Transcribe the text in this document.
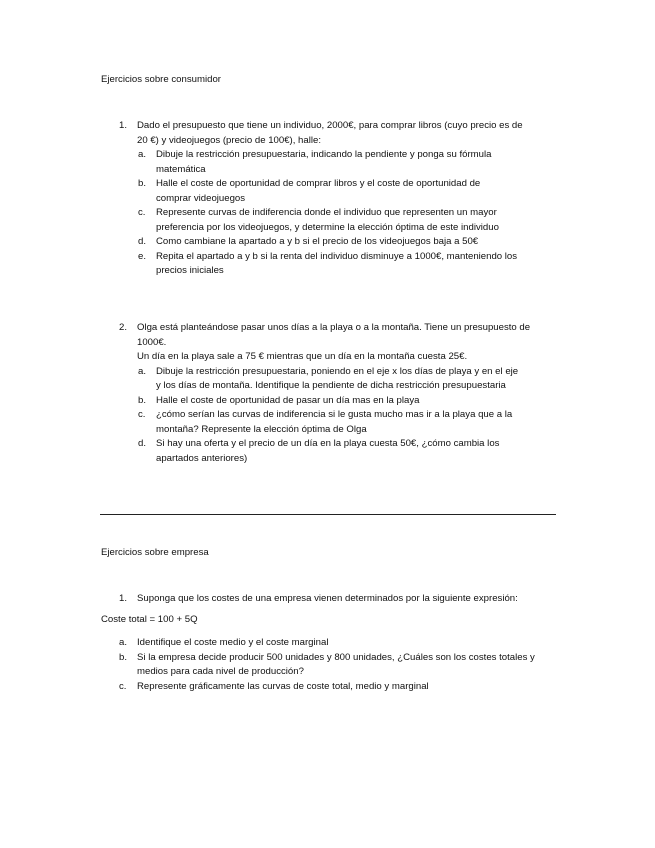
Ejercicios sobre consumidor
1.	Dado el presupuesto que tiene un individuo, 2000€, para comprar libros (cuyo precio es de
20 €) y videojuegos (precio de 100€), halle:
a.	Dibuje la restricción presupuestaria, indicando la pendiente y ponga su fórmula
matemática
b.	Halle el coste de oportunidad de comprar libros y el coste de oportunidad de
comprar videojuegos
c.	Represente curvas de indiferencia donde el individuo que representen un mayor
preferencia por los videojuegos, y determine la elección óptima de este individuo
d.	Como cambiane la apartado a y b si el precio de los videojuegos baja a 50€
e.	Repita el apartado a y b si la renta del individuo disminuye a 1000€, manteniendo los
precios iniciales
2.	Olga está planteándose pasar unos días a la playa o a la montaña. Tiene un presupuesto de
1000€.
Un día en la playa sale a 75 € mientras que un día en la montaña cuesta 25€.
a.	Dibuje la restricción presupuestaria, poniendo en el eje x los días de playa y en el eje
y los días de montaña. Identifique la pendiente de dicha restricción presupuestaria
b.	Halle el coste de oportunidad de pasar un día mas en la playa
c.	¿cómo serían las curvas de indiferencia si le gusta mucho mas ir a la playa que a la
montaña? Represente la elección óptima de Olga
d.	Si hay una oferta y el precio de un día en la playa cuesta 50€, ¿cómo cambia los
apartados anteriores)
Ejercicios sobre empresa
1.	Suponga que los costes de una empresa vienen determinados por la siguiente expresión:
Coste total = 100 + 5Q
a.	Identifique el coste medio y el coste marginal
b.	Si la empresa decide producir 500 unidades y 800 unidades, ¿Cuáles son los costes totales y
medios para cada nivel de producción?
c.	Represente gráficamente las curvas de coste total, medio y marginal
